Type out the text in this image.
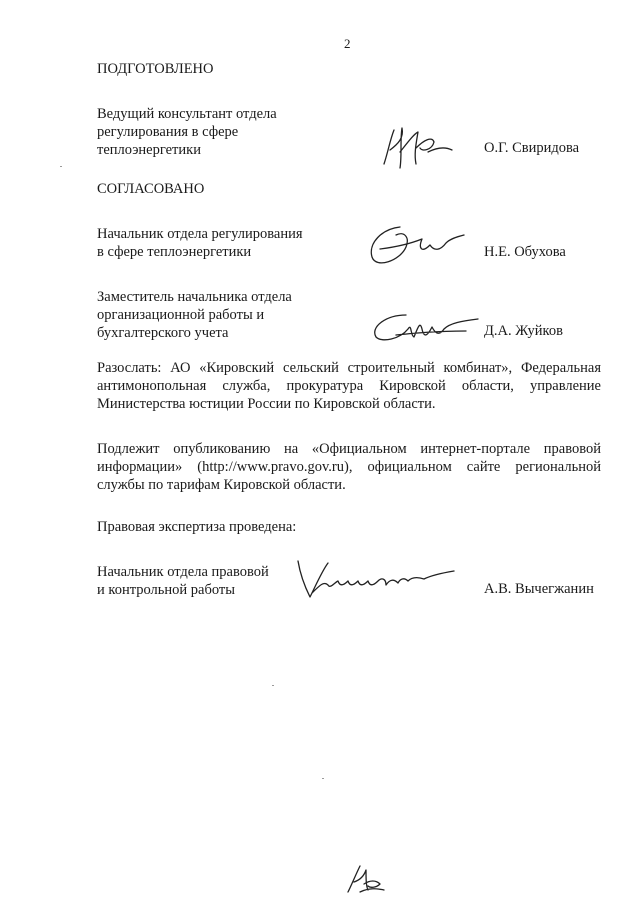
2
ПОДГОТОВЛЕНО
Ведущий консультант отдела
регулирования в сфере
теплоэнергетики	О.Г. Свиридова
СОГЛАСОВАНО
Начальник отдела регулирования
в сфере теплоэнергетики	Н.Е. Обухова
Заместитель начальника отдела
организационной работы и
бухгалтерского учета	Д.А. Жуйков
Разослать: АО «Кировский сельский строительный комбинат», Федеральная антимонопольная служба, прокуратура Кировской области, управление Министерства юстиции России по Кировской области.
Подлежит опубликованию на «Официальном интернет-портале правовой информации» (http://www.pravo.gov.ru), официальном сайте региональной службы по тарифам Кировской области.
Правовая экспертиза проведена:
Начальник отдела правовой
и контрольной работы	А.В. Вычегжанин
